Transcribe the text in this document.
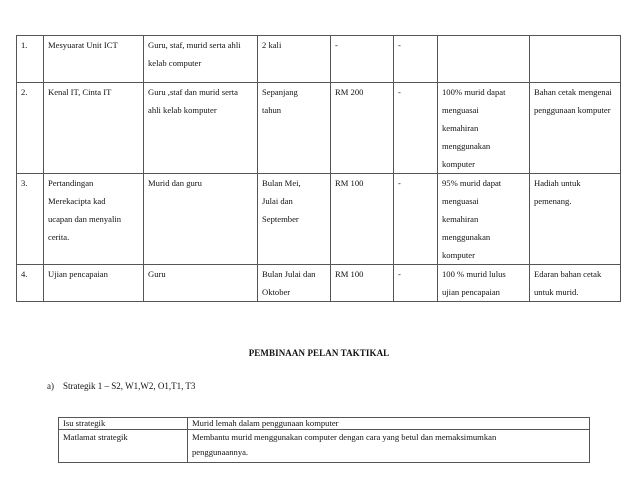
1.	Mesyuarat Unit ICT	Guru, staf, murid serta ahli
kelab computer	2 kali	-	-		

2.	Kenal IT, Cinta IT	Guru ,staf dan murid serta
ahli kelab komputer	Sepanjang
tahun	RM 200	-	100% murid dapat
menguasai
kemahiran
menggunakan
komputer	Bahan cetak mengenai
penggunaan komputer

3.	Pertandingan
Merekacipta kad
ucapan dan menyalin
cerita.	Murid dan guru	Bulan Mei,
Julai dan
September	RM 100	-	95% murid dapat
menguasai
kemahiran
menggunakan
komputer	Hadiah untuk
pemenang.

4.	Ujian pencapaian	Guru	Bulan Julai dan
Oktober	RM 100	-	100 % murid lulus
ujian pencapaian	Edaran bahan cetak
untuk murid.
PEMBINAAN PELAN TAKTIKAL
a) Strategik 1 – S2, W1,W2, O1,T1, T3
Isu strategik	Murid lemah dalam penggunaan komputer
Matlamat strategik	Membantu murid menggunakan computer dengan cara yang betul dan memaksimumkan
penggunaannya.
